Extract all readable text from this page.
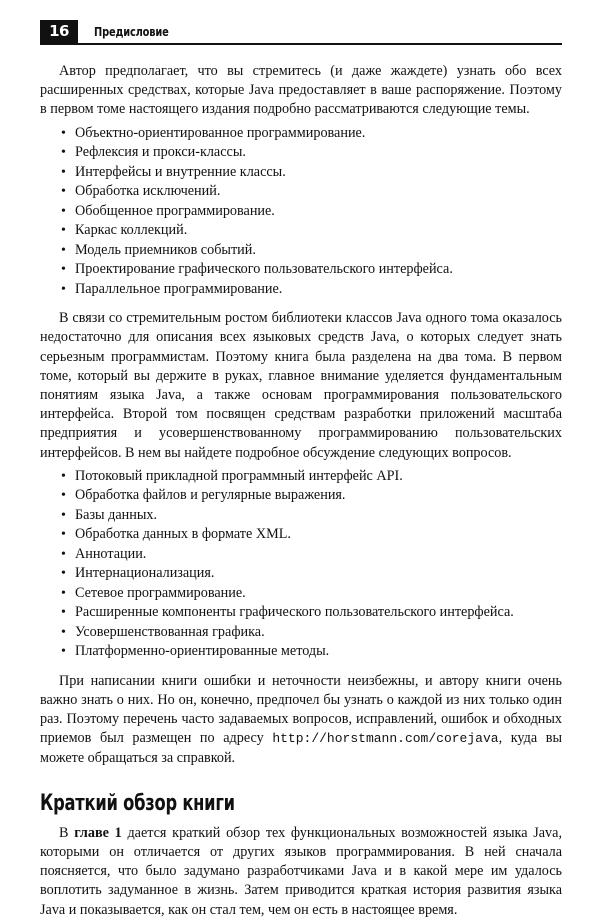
16	Предисловие

Автор предполагает, что вы стремитесь (и даже жаждете) узнать обо всех расширенных средствах, которые Java предоставляет в ваше распоряжение. Поэтому в первом томе настоящего издания подробно рассматриваются следующие темы.

• Объектно-ориентированное программирование.
• Рефлексия и прокси-классы.
• Интерфейсы и внутренние классы.
• Обработка исключений.
• Обобщенное программирование.
• Каркас коллекций.
• Модель приемников событий.
• Проектирование графического пользовательского интерфейса.
• Параллельное программирование.

В связи со стремительным ростом библиотеки классов Java одного тома оказалось недостаточно для описания всех языковых средств Java, о которых следует знать серьезным программистам. Поэтому книга была разделена на два тома. В первом томе, который вы держите в руках, главное внимание уделяется фундаментальным понятиям языка Java, а также основам программирования пользовательского интерфейса. Второй том посвящен средствам разработки приложений масштаба предприятия и усовершенствованному программированию пользовательских интерфейсов. В нем вы найдете подробное обсуждение следующих вопросов.

• Потоковый прикладной программный интерфейс API.
• Обработка файлов и регулярные выражения.
• Базы данных.
• Обработка данных в формате XML.
• Аннотации.
• Интернационализация.
• Сетевое программирование.
• Расширенные компоненты графического пользовательского интерфейса.
• Усовершенствованная графика.
• Платформенно-ориентированные методы.

При написании книги ошибки и неточности неизбежны, и автору книги очень важно знать о них. Но он, конечно, предпочел бы узнать о каждой из них только один раз. Поэтому перечень часто задаваемых вопросов, исправлений, ошибок и обходных приемов был размещен по адресу http://horstmann.com/corejava, куда вы можете обращаться за справкой.

Краткий обзор книги

В главе 1 дается краткий обзор тех функциональных возможностей языка Java, которыми он отличается от других языков программирования. В ней сначала поясняется, что было задумано разработчиками Java и в какой мере им удалось воплотить задуманное в жизнь. Затем приводится краткая история развития языка Java и показывается, как он стал тем, чем он есть в настоящее время.
